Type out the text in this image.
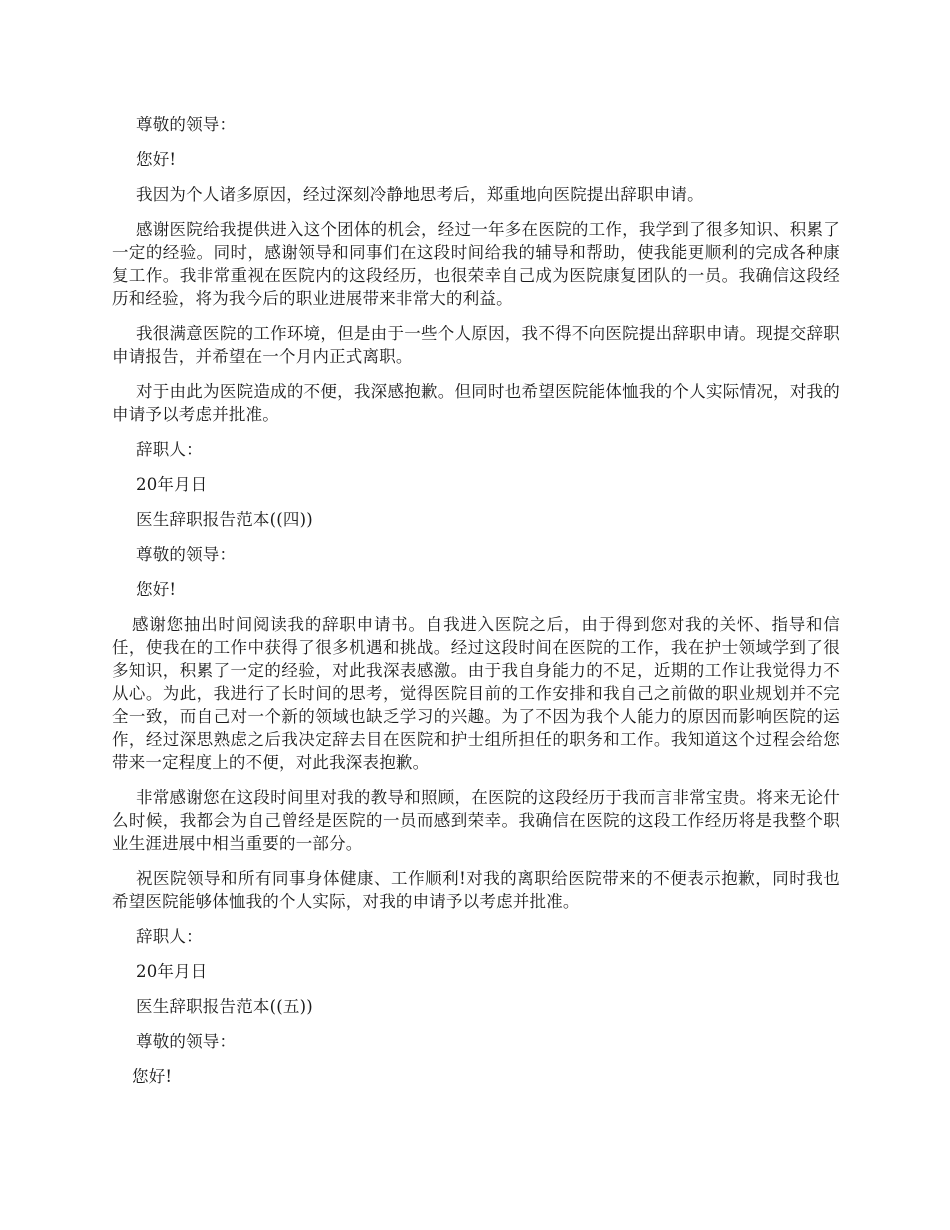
尊敬的领导：

您好!

我因为个人诸多原因，经过深刻冷静地思考后，郑重地向医院提出辞职申请。

感谢医院给我提供进入这个团体的机会，经过一年多在医院的工作，我学到了很多知识、积累了一定的经验。同时，感谢领导和同事们在这段时间给我的辅导和帮助，使我能更顺利的完成各种康复工作。我非常重视在医院内的这段经历，也很荣幸自己成为医院康复团队的一员。我确信这段经历和经验，将为我今后的职业进展带来非常大的利益。

我很满意医院的工作环境，但是由于一些个人原因，我不得不向医院提出辞职申请。现提交辞职申请报告，并希望在一个月内正式离职。

对于由此为医院造成的不便，我深感抱歉。但同时也希望医院能体恤我的个人实际情况，对我的申请予以考虑并批准。

辞职人：

20年月日

医生辞职报告范本((四))

尊敬的领导：

您好!

感谢您抽出时间阅读我的辞职申请书。自我进入医院之后，由于得到您对我的关怀、指导和信任，使我在的工作中获得了很多机遇和挑战。经过这段时间在医院的工作，我在护士领域学到了很多知识，积累了一定的经验，对此我深表感激。由于我自身能力的不足，近期的工作让我觉得力不从心。为此，我进行了长时间的思考，觉得医院目前的工作安排和我自己之前做的职业规划并不完全一致，而自己对一个新的领域也缺乏学习的兴趣。为了不因为我个人能力的原因而影响医院的运作，经过深思熟虑之后我决定辞去目在医院和护士组所担任的职务和工作。我知道这个过程会给您带来一定程度上的不便，对此我深表抱歉。

非常感谢您在这段时间里对我的教导和照顾，在医院的这段经历于我而言非常宝贵。将来无论什么时候，我都会为自己曾经是医院的一员而感到荣幸。我确信在医院的这段工作经历将是我整个职业生涯进展中相当重要的一部分。

祝医院领导和所有同事身体健康、工作顺利!对我的离职给医院带来的不便表示抱歉，同时我也希望医院能够体恤我的个人实际，对我的申请予以考虑并批准。

辞职人：

20年月日

医生辞职报告范本((五))

尊敬的领导：

您好!
